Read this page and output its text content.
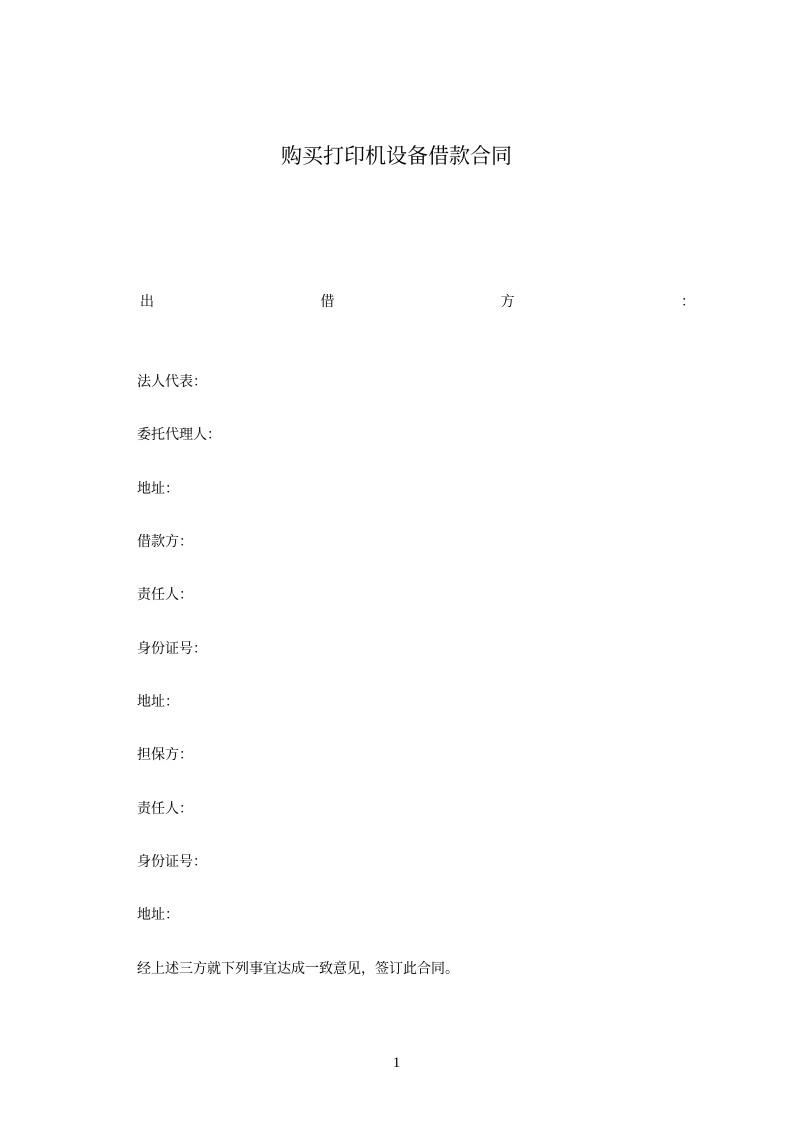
购买打印机设备借款合同
出	借	方	：
法人代表：
委托代理人：
地址：
借款方：
责任人：
身份证号：
地址：
担保方：
责任人：
身份证号：
地址：
经上述三方就下列事宜达成一致意见，签订此合同。
1
